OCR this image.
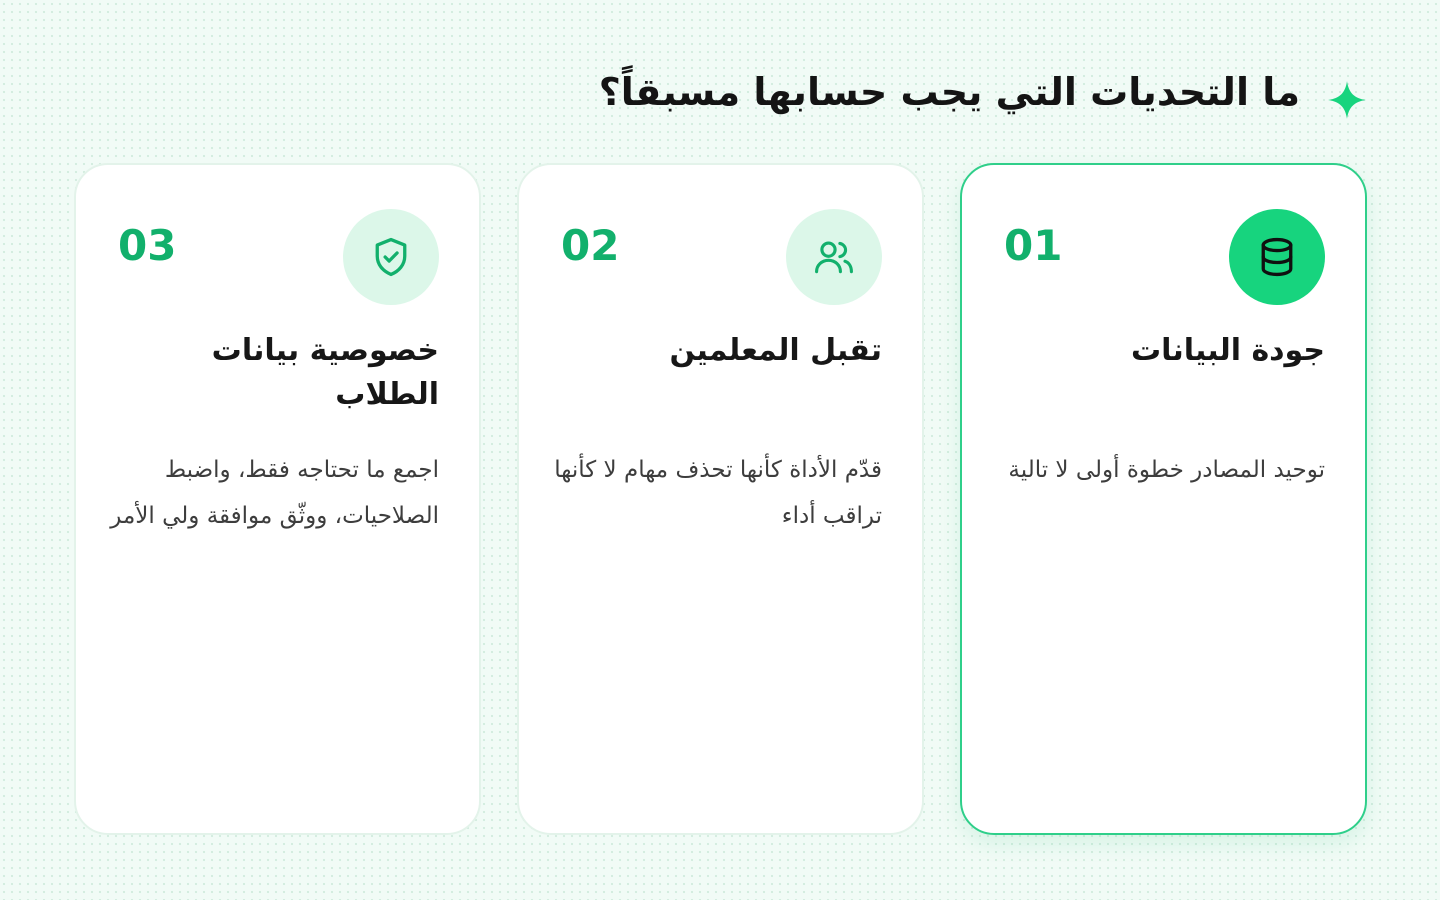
ما التحديات التي يجب حسابها مسبقاً؟
01
جودة البيانات

توحيد المصادر خطوة أولى لا تالية

02
تقبل المعلمين

قدّم الأداة كأنها تحذف مهام لا كأنها تراقب أداء

03
خصوصية بيانات الطلاب

اجمع ما تحتاجه فقط، واضبط الصلاحيات، ووثّق موافقة ولي الأمر
